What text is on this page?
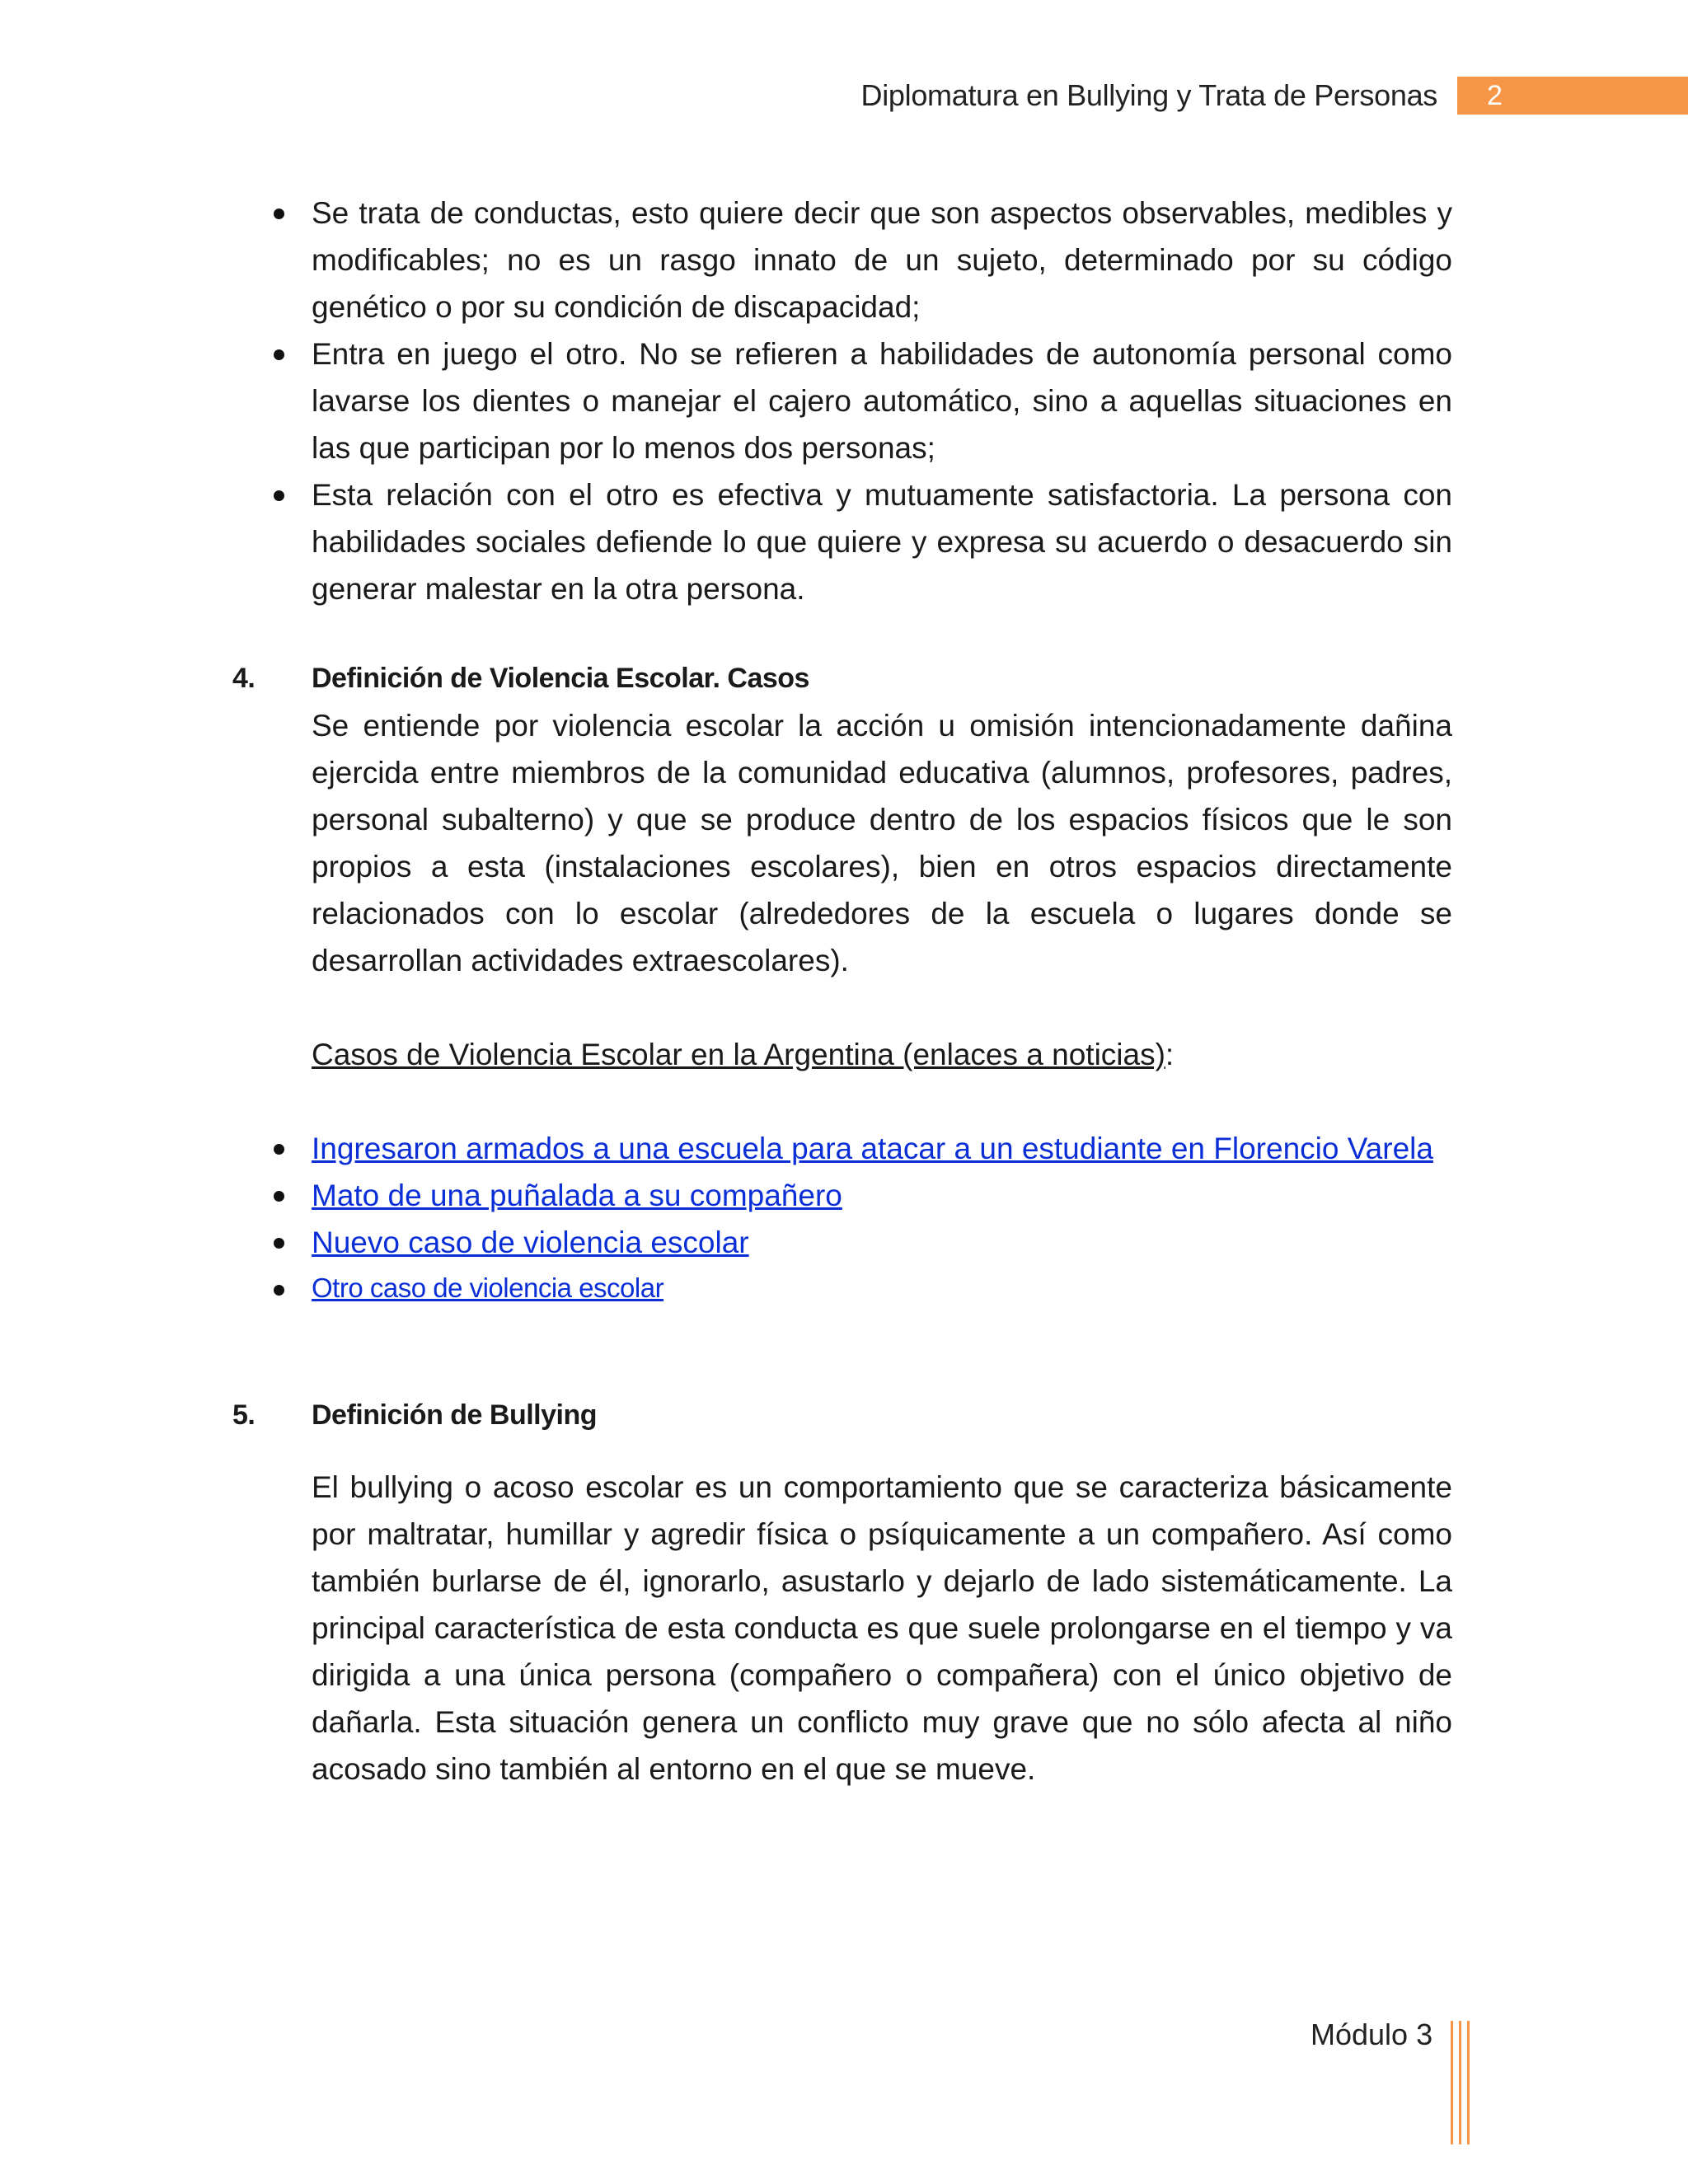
Diplomatura en Bullying y Trata de Personas 2
Se trata de conductas, esto quiere decir que son aspectos observables, medibles y modificables; no es un rasgo innato de un sujeto, determinado por su código genético o por su condición de discapacidad;
Entra en juego el otro. No se refieren a habilidades de autonomía personal como lavarse los dientes o manejar el cajero automático, sino a aquellas situaciones en las que participan por lo menos dos personas;
Esta relación con el otro es efectiva y mutuamente satisfactoria. La persona con habilidades sociales defiende lo que quiere y expresa su acuerdo o desacuerdo sin generar malestar en la otra persona.
4.	Definición de Violencia Escolar. Casos
Se entiende por violencia escolar la acción u omisión intencionadamente dañina ejercida entre miembros de la comunidad educativa (alumnos, profesores, padres, personal subalterno) y que se produce dentro de los espacios físicos que le son propios a esta (instalaciones escolares), bien en otros espacios directamente relacionados con lo escolar (alrededores de la escuela o lugares donde se desarrollan actividades extraescolares).
Casos de Violencia Escolar en la Argentina (enlaces a noticias):
Ingresaron armados a una escuela para atacar a un estudiante en Florencio Varela
Mato de una puñalada a su compañero
Nuevo caso de violencia escolar
Otro caso de violencia escolar
5.	Definición de Bullying
El bullying o acoso escolar es un comportamiento que se caracteriza básicamente por maltratar, humillar y agredir física o psíquicamente a un compañero. Así como también burlarse de él, ignorarlo, asustarlo y dejarlo de lado sistemáticamente. La principal característica de esta conducta es que suele prolongarse en el tiempo y va dirigida a una única persona (compañero o compañera) con el único objetivo de dañarla. Esta situación genera un conflicto muy grave que no sólo afecta al niño acosado sino también al entorno en el que se mueve.
Módulo 3
